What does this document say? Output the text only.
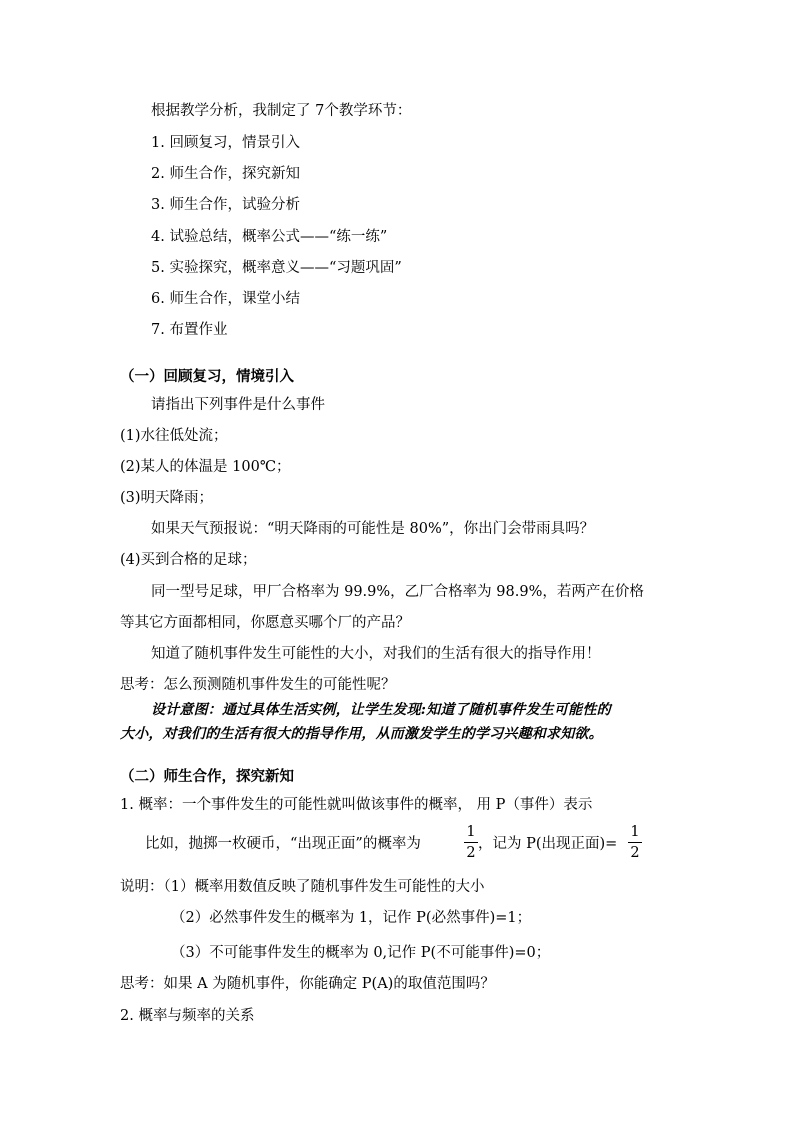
根据教学分析，我制定了 7个教学环节：
1. 回顾复习，情景引入
2. 师生合作，探究新知
3. 师生合作，试验分析
4. 试验总结，概率公式——“练一练”
5. 实验探究，概率意义——“习题巩固”
6. 师生合作，课堂小结
7. 布置作业
（一）回顾复习，情境引入
请指出下列事件是什么事件
(1)水往低处流；
(2)某人的体温是 100℃；
(3)明天降雨；
如果天气预报说：“明天降雨的可能性是 80%”，你出门会带雨具吗？
(4)买到合格的足球；
同一型号足球，甲厂合格率为 99.9%，乙厂合格率为 98.9%，若两产在价格
等其它方面都相同，你愿意买哪个厂的产品？
知道了随机事件发生可能性的大小，对我们的生活有很大的指导作用！
思考：怎么预测随机事件发生的可能性呢？
设计意图：通过具体生活实例，让学生发现:知道了随机事件发生可能性的
大小，对我们的生活有很大的指导作用，从而激发学生的学习兴趣和求知欲。
（二）师生合作，探究新知
1. 概率：一个事件发生的可能性就叫做该事件的概率， 用 P（事件）表示
比如，抛掷一枚硬币，“出现正面”的概率为
1
2
，记为 P(出现正面)=
1
2
说明：（1）概率用数值反映了随机事件发生可能性的大小
（2）必然事件发生的概率为 1，记作 P(必然事件)=1；
（3）不可能事件发生的概率为 0,记作 P(不可能事件)=0；
思考：如果 A 为随机事件，你能确定 P(A)的取值范围吗？
2. 概率与频率的关系
